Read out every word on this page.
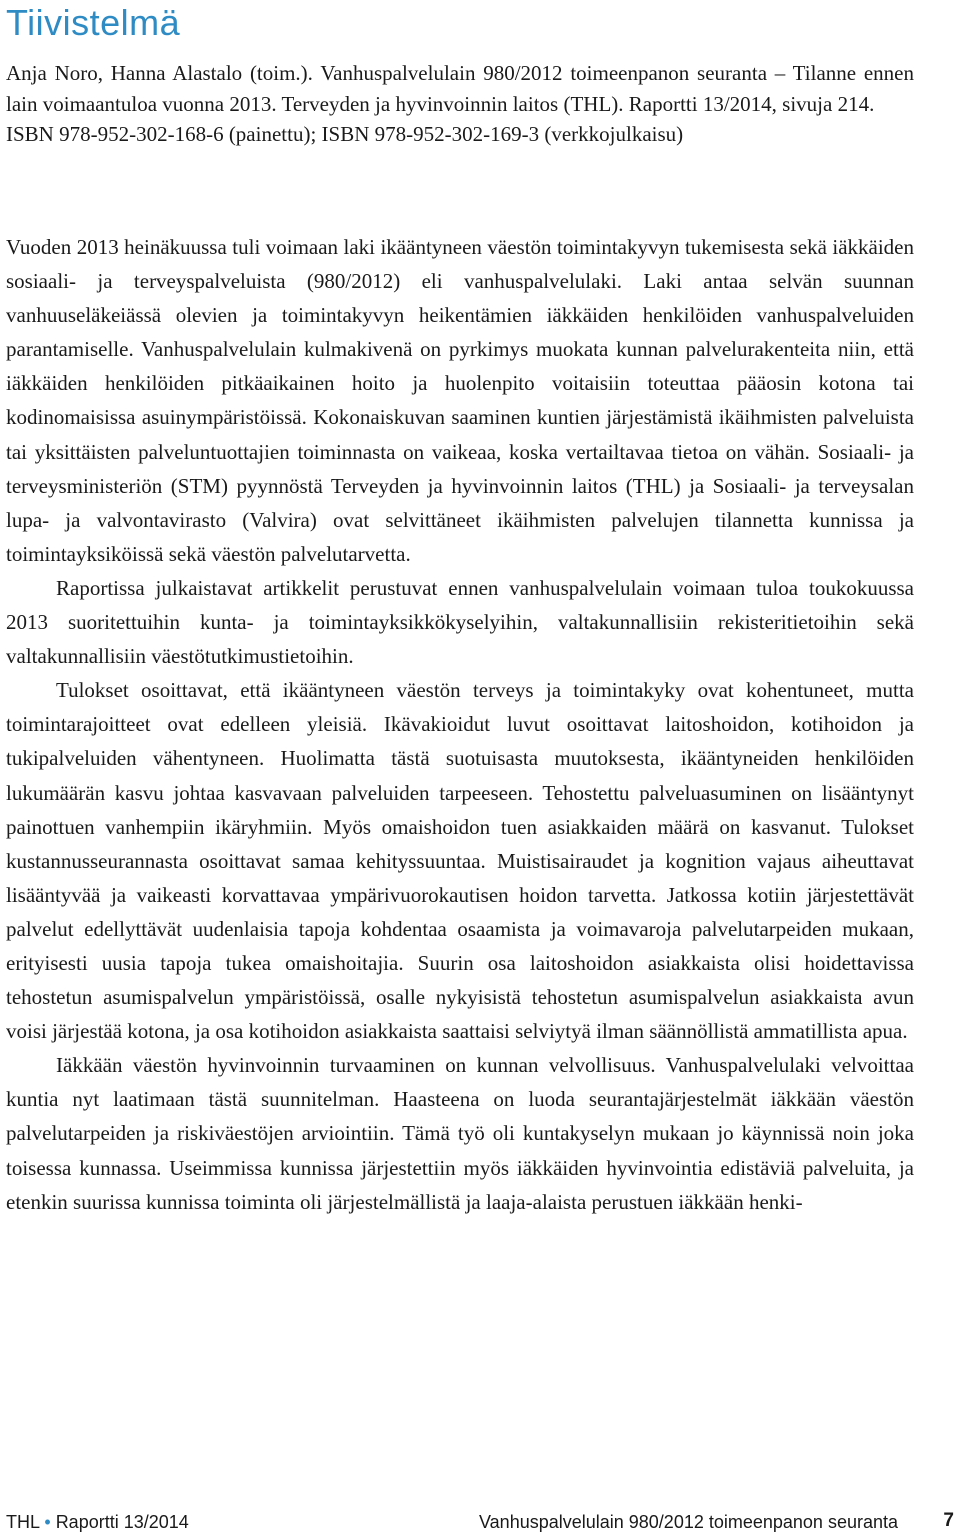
Tiivistelmä

Anja Noro, Hanna Alastalo (toim.). Vanhuspalvelulain 980/2012 toimeenpanon seuranta – Tilanne ennen lain voimaantuloa vuonna 2013. Terveyden ja hyvinvoinnin laitos (THL). Raportti 13/2014, sivuja 214.

ISBN 978-952-302-168-6 (painettu); ISBN 978-952-302-169-3 (verkkojulkaisu)

Vuoden 2013 heinäkuussa tuli voimaan laki ikääntyneen väestön toimintakyvyn tukemisesta sekä iäkkäiden sosiaali- ja terveyspalveluista (980/2012) eli vanhuspalvelulaki. Laki antaa selvän suunnan vanhuuseläkeiässä olevien ja toimintakyvyn heikentämien iäkkäiden henkilöiden vanhuspalveluiden parantamiselle. Vanhuspalvelulain kulmakivenä on pyrkimys muokata kunnan palvelurakenteita niin, että iäkkäiden henkilöiden pitkäaikainen hoito ja huolenpito voitaisiin toteuttaa pääosin kotona tai kodinomaisissa asuinympäristöissä. Kokonaiskuvan saaminen kuntien järjestämistä ikäihmisten palveluista tai yksittäisten palveluntuottajien toiminnasta on vaikeaa, koska vertailtavaa tietoa on vähän. Sosiaali- ja terveysministeriön (STM) pyynnöstä Terveyden ja hyvinvoinnin laitos (THL) ja Sosiaali- ja terveysalan lupa- ja valvontavirasto (Valvira) ovat selvittäneet ikäihmisten palvelujen tilannetta kunnissa ja toimintayksiköissä sekä väestön palvelutarvetta.

Raportissa julkaistavat artikkelit perustuvat ennen vanhuspalvelulain voimaan tuloa toukokuussa 2013 suoritettuihin kunta- ja toimintayksikkökyselyihin, valtakunnallisiin rekisteritietoihin sekä valtakunnallisiin väestötutkimustietoihin.

Tulokset osoittavat, että ikääntyneen väestön terveys ja toimintakyky ovat kohentuneet, mutta toimintarajoitteet ovat edelleen yleisiä. Ikävakioidut luvut osoittavat laitoshoidon, kotihoidon ja tukipalveluiden vähentyneen. Huolimatta tästä suotuisasta muutoksesta, ikääntyneiden henkilöiden lukumäärän kasvu johtaa kasvavaan palveluiden tarpeeseen. Tehostettu palveluasuminen on lisääntynyt painottuen vanhempiin ikäryhmiin. Myös omaishoidon tuen asiakkaiden määrä on kasvanut. Tulokset kustannusseurannasta osoittavat samaa kehityssuuntaa. Muistisairaudet ja kognition vajaus aiheuttavat lisääntyvää ja vaikeasti korvattavaa ympärivuorokautisen hoidon tarvetta. Jatkossa kotiin järjestettävät palvelut edellyttävät uudenlaisia tapoja kohdentaa osaamista ja voimavaroja palvelutarpeiden mukaan, erityisesti uusia tapoja tukea omaishoitajia. Suurin osa laitoshoidon asiakkaista olisi hoidettavissa tehostetun asumispalvelun ympäristöissä, osalle nykyisistä tehostetun asumispalvelun asiakkaista avun voisi järjestää kotona, ja osa kotihoidon asiakkaista saattaisi selviytyä ilman säännöllistä ammatillista apua.

Iäkkään väestön hyvinvoinnin turvaaminen on kunnan velvollisuus. Vanhuspalvelulaki velvoittaa kuntia nyt laatimaan tästä suunnitelman. Haasteena on luoda seurantajärjestelmät iäkkään väestön palvelutarpeiden ja riskiväestöjen arviointiin. Tämä työ oli kuntakyselyn mukaan jo käynnissä noin joka toisessa kunnassa. Useimmissa kunnissa järjestettiin myös iäkkäiden hyvinvointia edistäviä palveluita, ja etenkin suurissa kunnissa toiminta oli järjestelmällistä ja laaja-alaista perustuen iäkkään henki-

THL • Raportti 13/2014	Vanhuspalvelulain 980/2012 toimeenpanon seuranta 7
